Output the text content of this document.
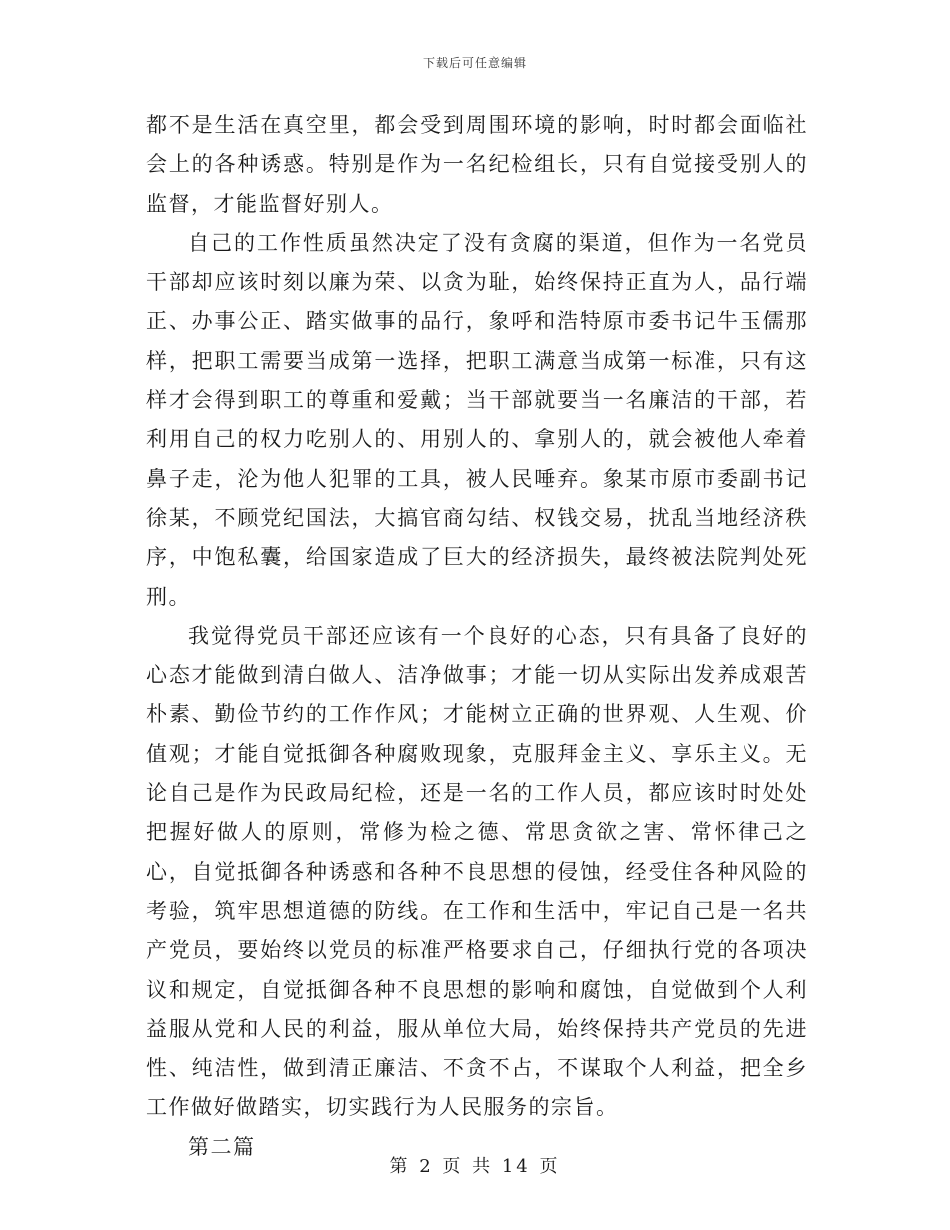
下载后可任意编辑

都不是生活在真空里，都会受到周围环境的影响，时时都会面临社会上的各种诱惑。特别是作为一名纪检组长，只有自觉接受别人的监督，才能监督好别人。

自己的工作性质虽然决定了没有贪腐的渠道，但作为一名党员干部却应该时刻以廉为荣、以贪为耻，始终保持正直为人，品行端正、办事公正、踏实做事的品行，象呼和浩特原市委书记牛玉儒那样，把职工需要当成第一选择，把职工满意当成第一标准，只有这样才会得到职工的尊重和爱戴；当干部就要当一名廉洁的干部，若利用自己的权力吃别人的、用别人的、拿别人的，就会被他人牵着鼻子走，沦为他人犯罪的工具，被人民唾弃。象某市原市委副书记徐某，不顾党纪国法，大搞官商勾结、权钱交易，扰乱当地经济秩序，中饱私囊，给国家造成了巨大的经济损失，最终被法院判处死刑。

我觉得党员干部还应该有一个良好的心态，只有具备了良好的心态才能做到清白做人、洁净做事；才能一切从实际出发养成艰苦朴素、勤俭节约的工作作风；才能树立正确的世界观、人生观、价值观；才能自觉抵御各种腐败现象，克服拜金主义、享乐主义。无论自己是作为民政局纪检，还是一名的工作人员，都应该时时处处把握好做人的原则，常修为检之德、常思贪欲之害、常怀律己之心，自觉抵御各种诱惑和各种不良思想的侵蚀，经受住各种风险的考验，筑牢思想道德的防线。在工作和生活中，牢记自己是一名共产党员，要始终以党员的标准严格要求自己，仔细执行党的各项决议和规定，自觉抵御各种不良思想的影响和腐蚀，自觉做到个人利益服从党和人民的利益，服从单位大局，始终保持共产党员的先进性、纯洁性，做到清正廉洁、不贪不占，不谋取个人利益，把全乡工作做好做踏实，切实践行为人民服务的宗旨。

第二篇

第 2 页 共 14 页
